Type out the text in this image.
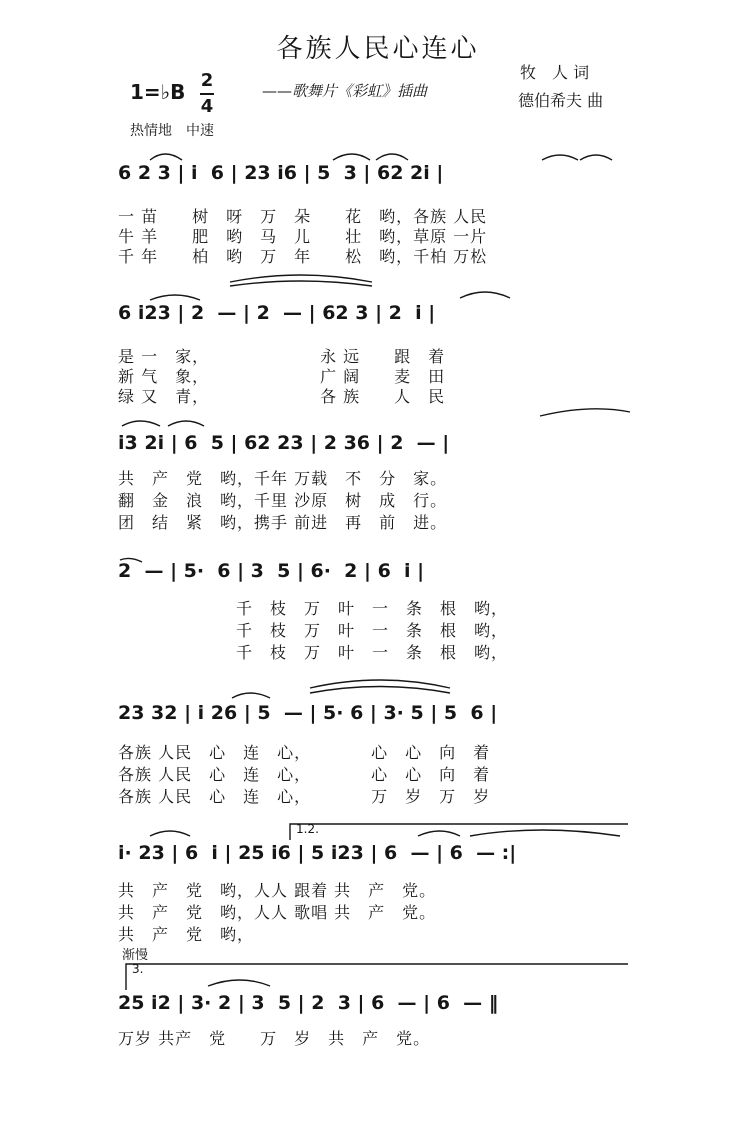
各族人民心连心
1=♭B 2
4
——歌舞片《彩虹》插曲
牧　人 词
德伯希夫 曲
热情地　中速
6 2 3 | i  6 | 23 i6 | 5  3 | 62 2i |
一 苗　　树　呀　万　朵　　花　哟，各族 人民
牛 羊　　肥　哟　马　儿　　壮　哟，草原 一片
千 年　　柏　哟　万　年　　松　哟，千柏 万松
6 i23 | 2  — | 2  — | 62 3 | 2  i |
是 一　家，　　　　　　　永 远　　跟　着
新 气　象，　　　　　　　广 阔　　麦　田
绿 又　青，　　　　　　　各 族　　人　民
i3 2i | 6  5 | 62 23 | 2 36 | 2  — |
共　产　党　哟，千年 万载　不　分　家。
翻　金　浪　哟，千里 沙原　树　成　行。
团　结　紧　哟，携手 前进　再　前　进。
2  — | 5·  6 | 3  5 | 6·  2 | 6  i |
千　枝　万　叶　一　条　根　哟，
千　枝　万　叶　一　条　根　哟，
千　枝　万　叶　一　条　根　哟，
23 32 | i 26 | 5  — | 5· 6 | 3· 5 | 5  6 |
各族 人民　心　连　心，　　　　心　心　向　着
各族 人民　心　连　心，　　　　心　心　向　着
各族 人民　心　连　心，　　　　万　岁　万　岁
1.2.
i· 23 | 6  i | 25 i6 | 5 i23 | 6  — | 6  — :|
共　产　党　哟，人人 跟着 共　产　党。
共　产　党　哟，人人 歌唱 共　产　党。
共　产　党　哟，
渐慢
3.
25 i2 | 3· 2 | 3  5 | 2  3 | 6  — | 6  — ‖
万岁 共产　党　　万　岁　共　产　党。
